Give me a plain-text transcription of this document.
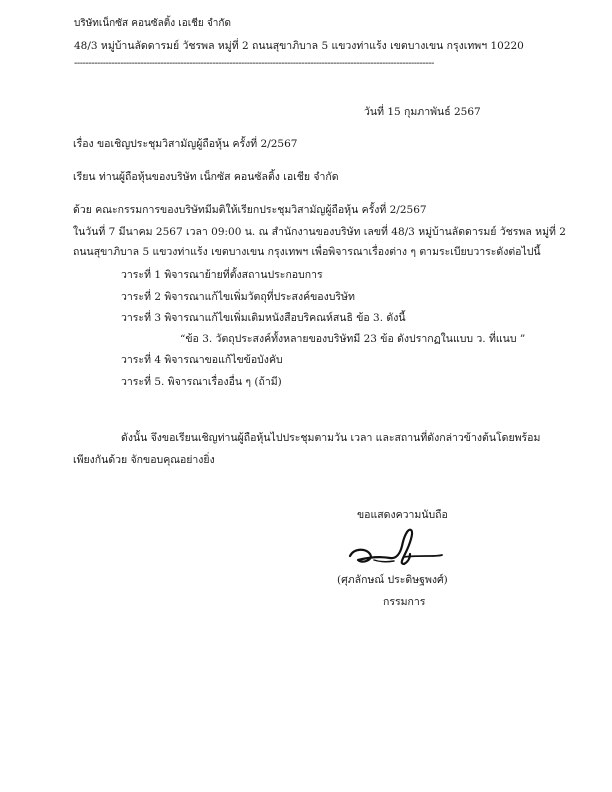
บริษัทเน็กซัส คอนซัลติ้ง เอเชีย จำกัด
48/3 หมู่บ้านลัดดารมย์ วัชรพล หมู่ที่ 2 ถนนสุขาภิบาล 5 แขวงท่าแร้ง เขตบางเขน กรุงเทพฯ 10220
-----------------------------------------------------------------------------------------------------------------------------
วันที่ 15 กุมภาพันธ์ 2567
เรื่อง ขอเชิญประชุมวิสามัญผู้ถือหุ้น ครั้งที่ 2/2567
เรียน ท่านผู้ถือหุ้นของบริษัท เน็กซัส คอนซัลติ้ง เอเชีย จำกัด
ด้วย คณะกรรมการของบริษัทมีมติให้เรียกประชุมวิสามัญผู้ถือหุ้น ครั้งที่ 2/2567
ในวันที่ 7 มีนาคม 2567 เวลา 09:00 น. ณ สำนักงานของบริษัท เลขที่ 48/3 หมู่บ้านลัดดารมย์ วัชรพล หมู่ที่ 2
ถนนสุขาภิบาล 5 แขวงท่าแร้ง เขตบางเขน กรุงเทพฯ เพื่อพิจารณาเรื่องต่าง ๆ ตามระเบียบวาระดังต่อไปนี้
วาระที่ 1 พิจารณาย้ายที่ตั้งสถานประกอบการ
วาระที่ 2 พิจารณาแก้ไขเพิ่มวัตถุที่ประสงค์ของบริษัท
วาระที่ 3 พิจารณาแก้ไขเพิ่มเติมหนังสือบริคณห์สนธิ ข้อ 3. ดังนี้
“ข้อ 3. วัตถุประสงค์ทั้งหลายของบริษัทมี 23 ข้อ ดังปรากฏในแบบ ว. ที่แนบ ”
วาระที่ 4 พิจารณาขอแก้ไขข้อบังคับ
วาระที่ 5. พิจารณาเรื่องอื่น ๆ (ถ้ามี)
ดังนั้น จึงขอเรียนเชิญท่านผู้ถือหุ้นไปประชุมตามวัน เวลา และสถานที่ดังกล่าวข้างต้นโดยพร้อม
เพียงกันด้วย จักขอบคุณอย่างยิ่ง
ขอแสดงความนับถือ
(ศุภลักษณ์ ประดิษฐพงศ์)
กรรมการ
